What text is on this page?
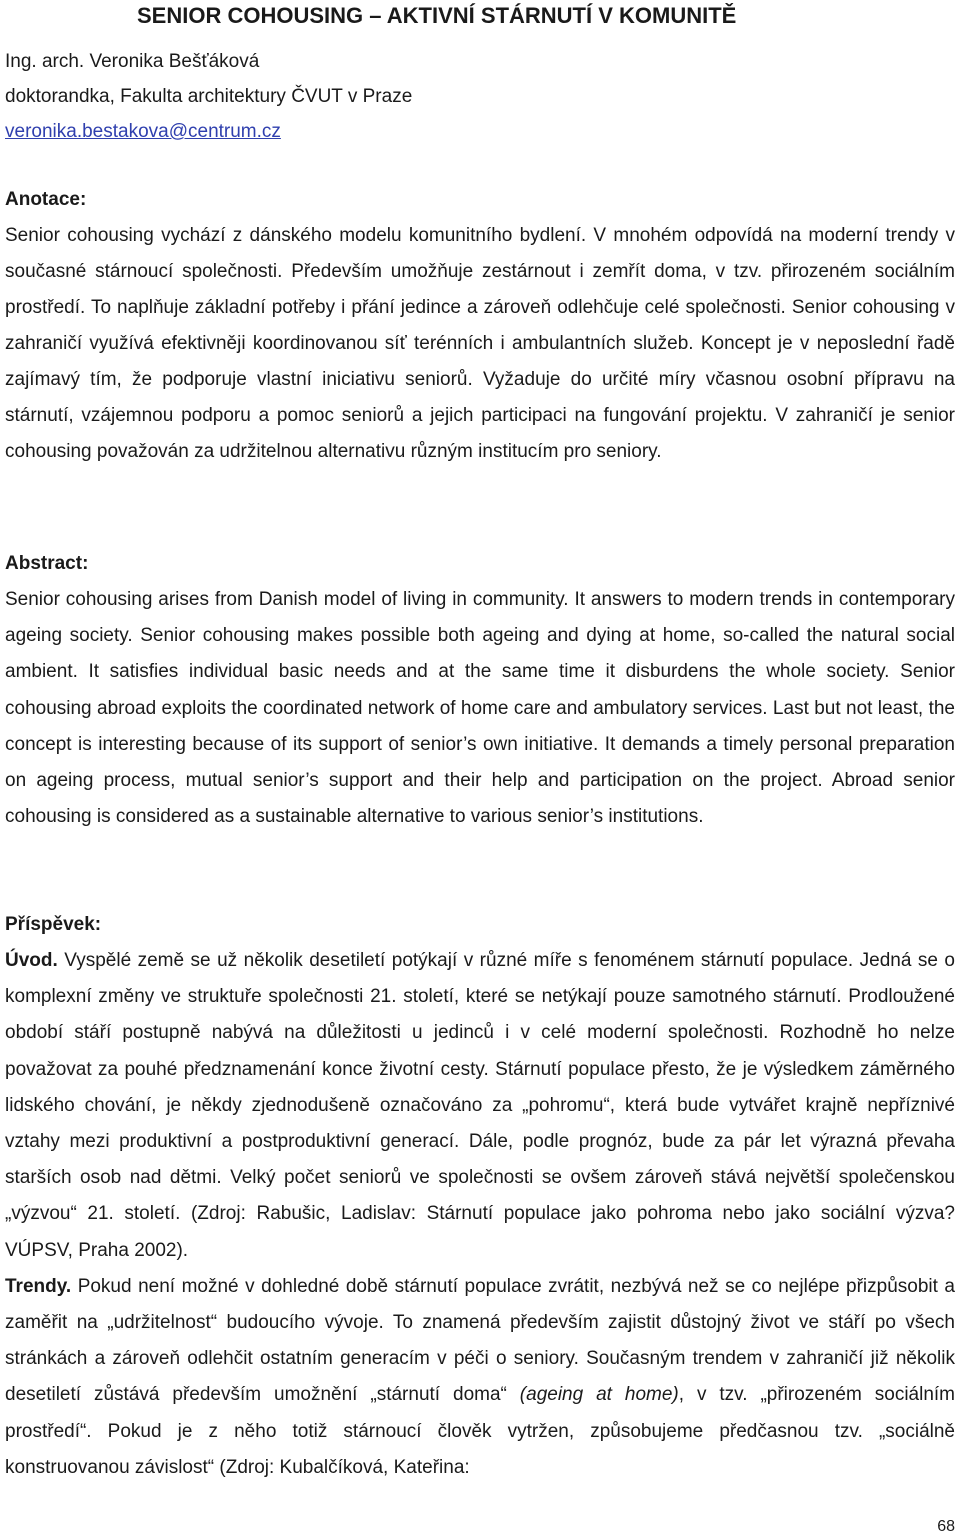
SENIOR COHOUSING – AKTIVNÍ STÁRNUTÍ V KOMUNITĚ
Ing. arch. Veronika Bešťáková
doktorandka, Fakulta architektury ČVUT v Praze
veronika.bestakova@centrum.cz
Anotace:

Senior cohousing vychází z dánského modelu komunitního bydlení. V mnohém odpovídá na moderní trendy v současné stárnoucí společnosti. Především umožňuje zestárnout i zemřít doma, v tzv. přirozeném sociálním prostředí. To naplňuje základní potřeby i přání jedince a zároveň odlehčuje celé společnosti. Senior cohousing v zahraničí využívá efektivněji koordinovanou síť terénních i ambulantních služeb. Koncept je v neposlední řadě zajímavý tím, že podporuje vlastní iniciativu seniorů. Vyžaduje do určité míry včasnou osobní přípravu na stárnutí, vzájemnou podporu a pomoc seniorů a jejich participaci na fungování projektu. V zahraničí je senior cohousing považován za udržitelnou alternativu různým institucím pro seniory.

Abstract:

Senior cohousing arises from Danish model of living in community. It answers to modern trends in contemporary ageing society. Senior cohousing makes possible both ageing and dying at home, so-called the natural social ambient. It satisfies individual basic needs and at the same time it disburdens the whole society. Senior cohousing abroad exploits the coordinated network of home care and ambulatory services. Last but not least, the concept is interesting because of its support of senior’s own initiative. It demands a timely personal preparation on ageing process, mutual senior’s support and their help and participation on the project. Abroad senior cohousing is considered as a sustainable alternative to various senior’s institutions.

Příspěvek:

Úvod. Vyspělé země se už několik desetiletí potýkají v různé míře s fenoménem stárnutí populace. Jedná se o komplexní změny ve struktuře společnosti 21. století, které se netýkají pouze samotného stárnutí. Prodloužené období stáří postupně nabývá na důležitosti u jedinců i v celé moderní společnosti. Rozhodně ho nelze považovat za pouhé předznamenání konce životní cesty. Stárnutí populace přesto, že je výsledkem záměrného lidského chování, je někdy zjednodušeně označováno za „pohromu“, která bude vytvářet krajně nepříznivé vztahy mezi produktivní a postproduktivní generací. Dále, podle prognóz, bude za pár let výrazná převaha starších osob nad dětmi. Velký počet seniorů ve společnosti se ovšem zároveň stává největší společenskou „výzvou“ 21. století. (Zdroj: Rabušic, Ladislav: Stárnutí populace jako pohroma nebo jako sociální výzva? VÚPSV, Praha 2002).

Trendy. Pokud není možné v dohledné době stárnutí populace zvrátit, nezbývá než se co nejlépe přizpůsobit a zaměřit na „udržitelnost“ budoucího vývoje. To znamená především zajistit důstojný život ve stáří po všech stránkách a zároveň odlehčit ostatním generacím v péči o seniory. Současným trendem v zahraničí již několik desetiletí zůstává především umožnění „stárnutí doma“ (ageing at home), v tzv. „přirozeném sociálním prostředí“. Pokud je z něho totiž stárnoucí člověk vytržen, způsobujeme předčasnou tzv. „sociálně konstruovanou závislost“ (Zdroj: Kubalčíková, Kateřina:

68
